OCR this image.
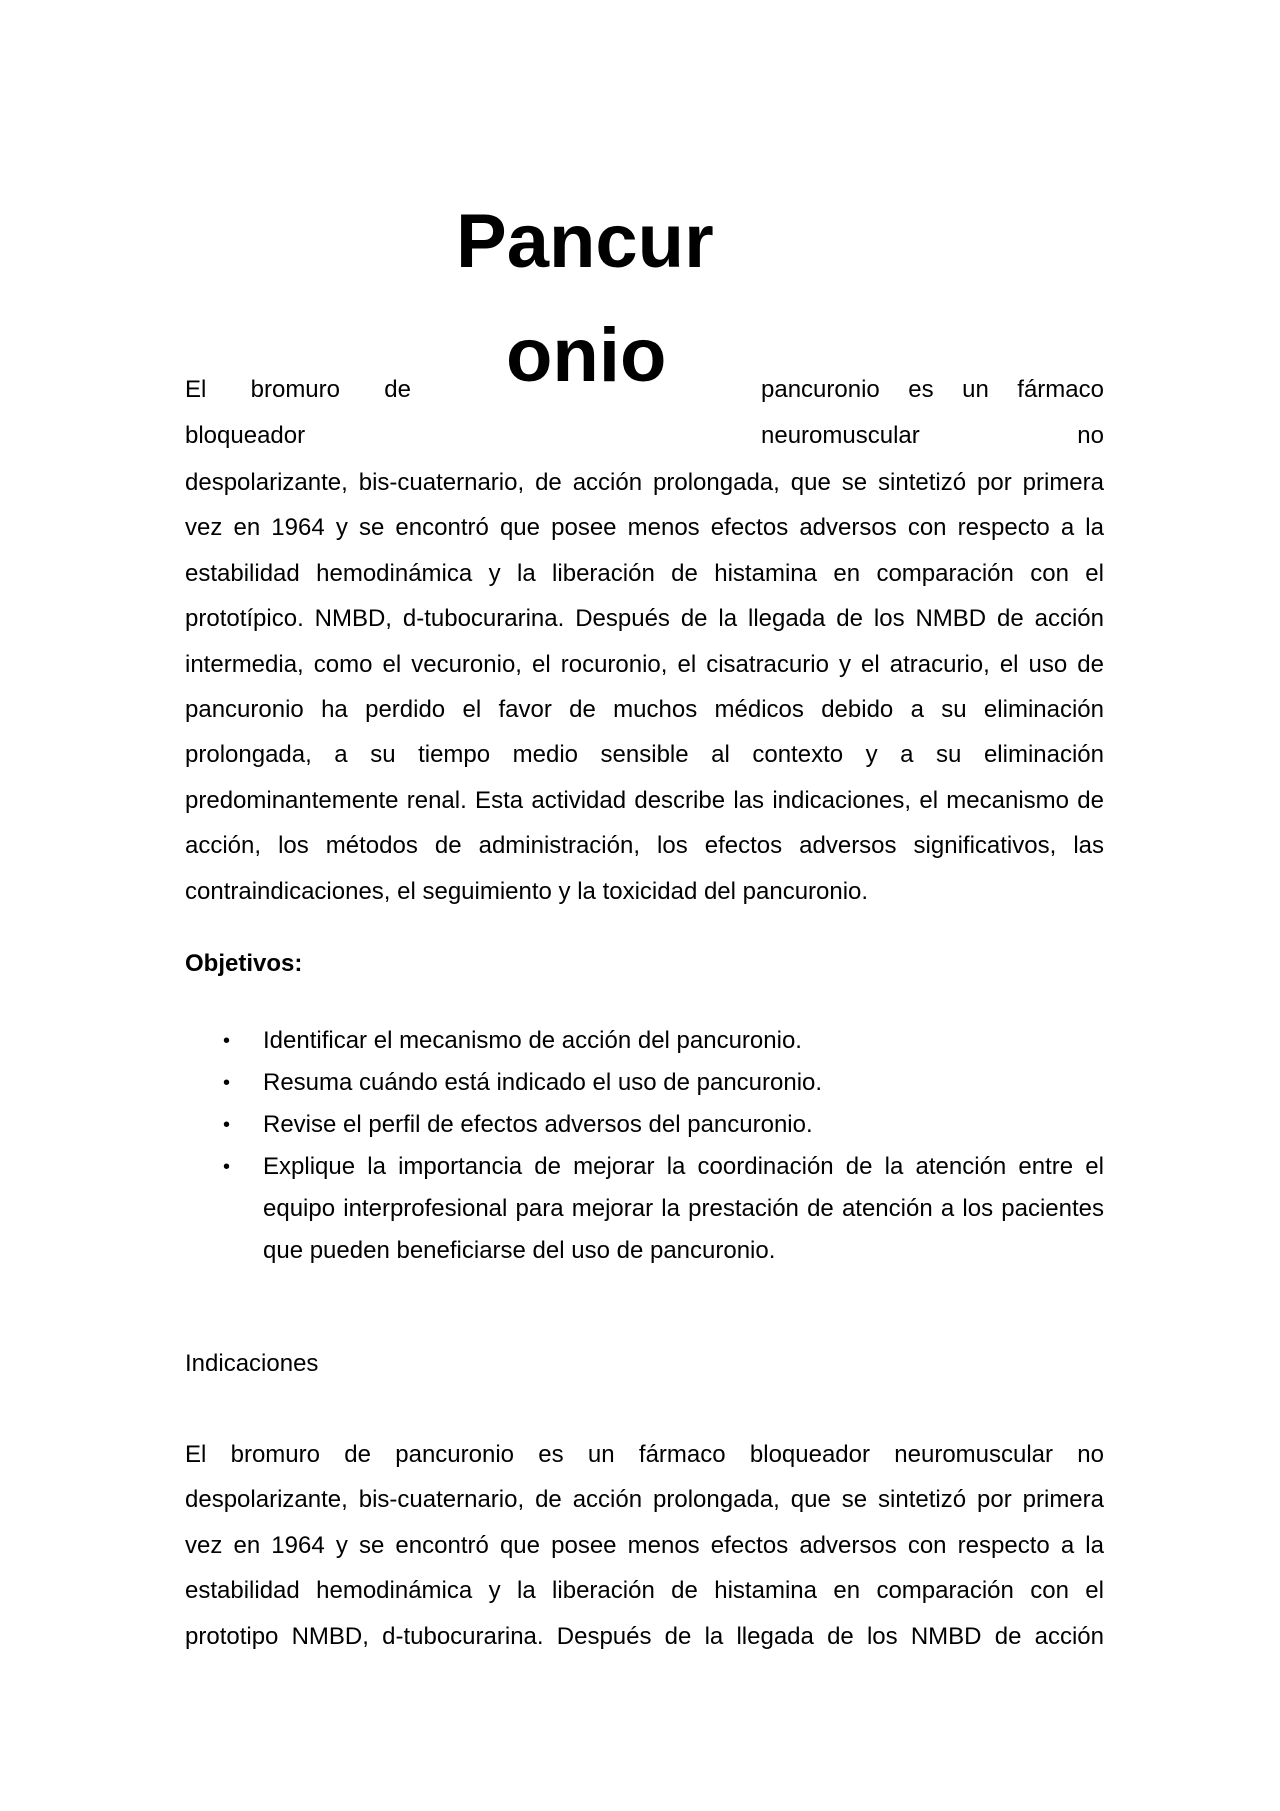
Pancur
onio
El bromuro de	pancuronio es un fármaco
bloqueador	neuromuscular	no
despolarizante, bis-cuaternario, de acción prolongada, que se sintetizó por primera
vez en 1964 y se encontró que posee menos efectos adversos con respecto a la
estabilidad hemodinámica y la liberación de histamina en comparación con el
prototípico. NMBD, d-tubocurarina. Después de la llegada de los NMBD de acción
intermedia, como el vecuronio, el rocuronio, el cisatracurio y el atracurio, el uso de
pancuronio ha perdido el favor de muchos médicos debido a su eliminación
prolongada, a su tiempo medio sensible al contexto y a su eliminación
predominantemente renal. Esta actividad describe las indicaciones, el mecanismo de
acción, los métodos de administración, los efectos adversos significativos, las
contraindicaciones, el seguimiento y la toxicidad del pancuronio.
Objetivos:
• Identificar el mecanismo de acción del pancuronio.
• Resuma cuándo está indicado el uso de pancuronio.
• Revise el perfil de efectos adversos del pancuronio.
• Explique la importancia de mejorar la coordinación de la atención entre el equipo interprofesional para mejorar la prestación de atención a los pacientes que pueden beneficiarse del uso de pancuronio.
Indicaciones
El bromuro de pancuronio es un fármaco bloqueador neuromuscular no
despolarizante, bis-cuaternario, de acción prolongada, que se sintetizó por primera
vez en 1964 y se encontró que posee menos efectos adversos con respecto a la
estabilidad hemodinámica y la liberación de histamina en comparación con el
prototipo NMBD, d-tubocurarina. Después de la llegada de los NMBD de acción
